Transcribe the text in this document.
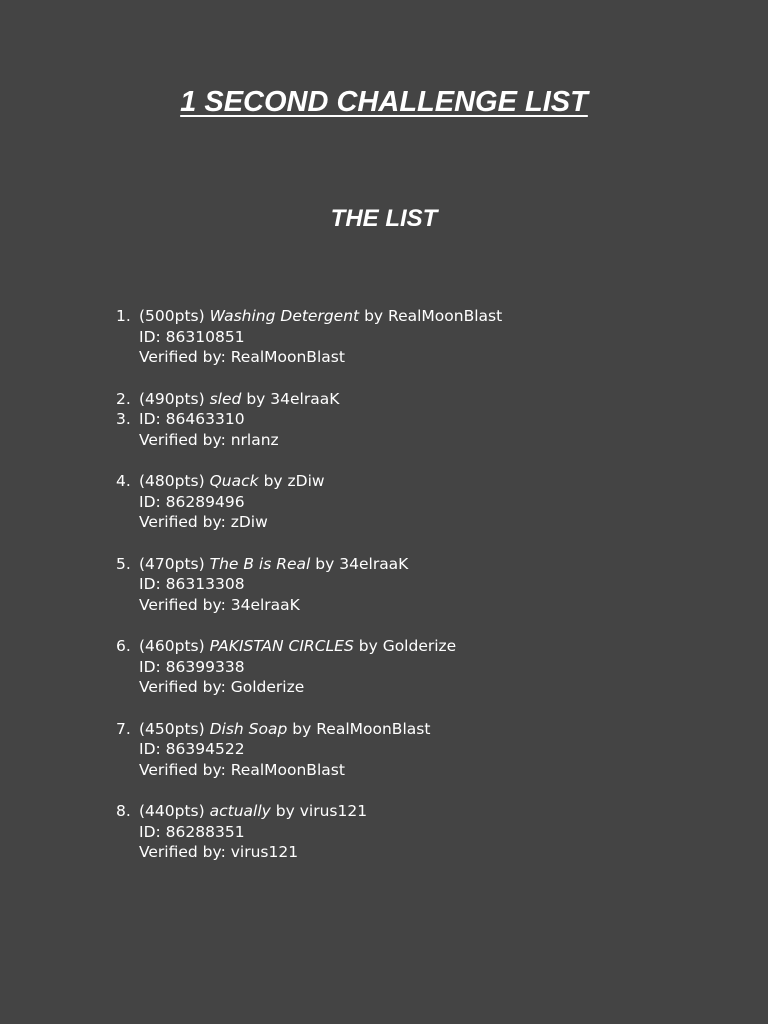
1 SECOND CHALLENGE LIST
THE LIST
1. (500pts) Washing Detergent by RealMoonBlast
ID: 86310851
Verified by: RealMoonBlast
2. (490pts) sled by 34elraaK
3. ID: 86463310
Verified by: nrlanz
4. (480pts) Quack by zDiw
ID: 86289496
Verified by: zDiw
5. (470pts) The B is Real by 34elraaK
ID: 86313308
Verified by: 34elraaK
6. (460pts) PAKISTAN CIRCLES by Golderize
ID: 86399338
Verified by: Golderize
7. (450pts) Dish Soap by RealMoonBlast
ID: 86394522
Verified by: RealMoonBlast
8. (440pts) actually by virus121
ID: 86288351
Verified by: virus121
